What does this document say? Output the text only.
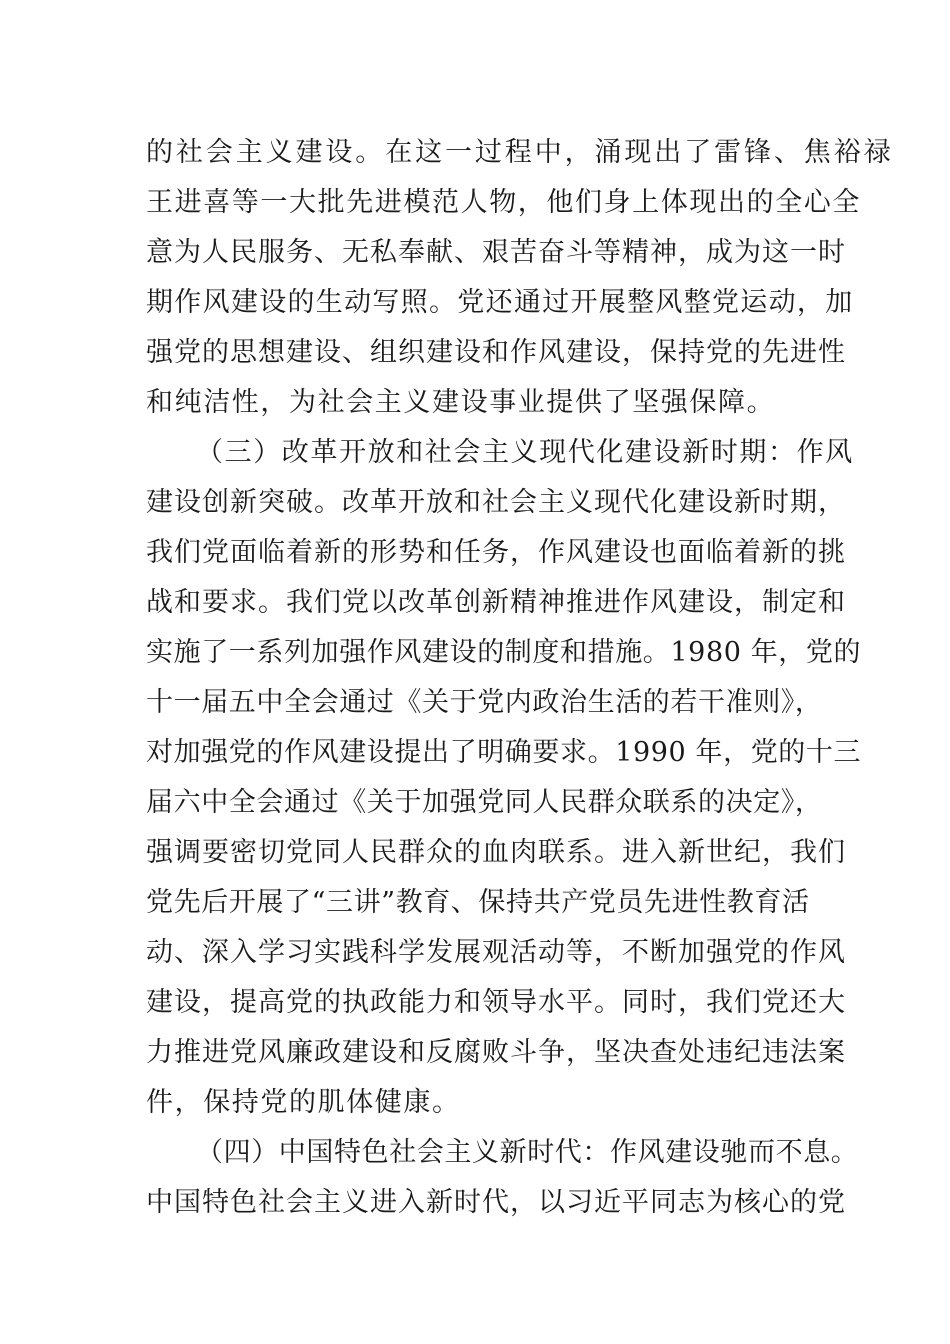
的社会主义建设。在这一过程中，涌现出了雷锋、焦裕禄

王进喜等一大批先进模范人物，他们身上体现出的全心全

意为人民服务、无私奉献、艰苦奋斗等精神，成为这一时

期作风建设的生动写照。党还通过开展整风整党运动，加

强党的思想建设、组织建设和作风建设，保持党的先进性

和纯洁性，为社会主义建设事业提供了坚强保障。

（三）改革开放和社会主义现代化建设新时期：作风

建设创新突破。改革开放和社会主义现代化建设新时期，

我们党面临着新的形势和任务，作风建设也面临着新的挑

战和要求。我们党以改革创新精神推进作风建设，制定和

实施了一系列加强作风建设的制度和措施。1980 年，党的

十一届五中全会通过《关于党内政治生活的若干准则》，

对加强党的作风建设提出了明确要求。1990 年，党的十三

届六中全会通过《关于加强党同人民群众联系的决定》，

强调要密切党同人民群众的血肉联系。进入新世纪，我们

党先后开展了“三讲”教育、保持共产党员先进性教育活

动、深入学习实践科学发展观活动等，不断加强党的作风

建设，提高党的执政能力和领导水平。同时，我们党还大

力推进党风廉政建设和反腐败斗争，坚决查处违纪违法案

件，保持党的肌体健康。

（四）中国特色社会主义新时代：作风建设驰而不息。

中国特色社会主义进入新时代，以习近平同志为核心的党
